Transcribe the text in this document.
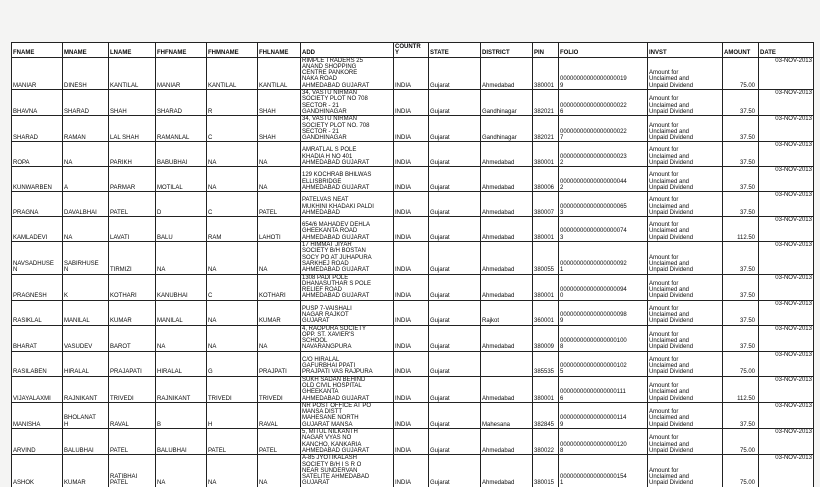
FNAME	MNAME	LNAME	FHFNAME	FHMNAME	FHLNAME	ADD	COUNTRY	STATE	DISTRICT	PIN	FOLIO	INVST	AMOUNT	DATE

MANIAR	DINESH	KANTILAL	MANIAR	KANTILAL	KANTILAL	RIMPLE TRADERS 25 ANAND SHOPPING CENTRE PANKORE NAKA ROAD AHMEDABAD GUJARAT	INDIA	Gujarat	Ahmedabad	380001	000000000000000000199	Amount for Unclaimed and Unpaid Dividend	75.00	03-NOV-2013

BHAVNA	SHARAD	SHAH	SHARAD	R	SHAH	34, VASTU NIRMAN SOCIETY PLOT NO 708 SECTOR - 21 GANDHINAGAR	INDIA	Gujarat	Gandhinagar	382021	000000000000000000226	Amount for Unclaimed and Unpaid Dividend	37.50	03-NOV-2013

SHARAD	RAMAN	LAL SHAH	RAMANLAL	C	SHAH	34, VASTU NIRMAN SOCIETY PLOT NO. 708 SECTOR - 21 GANDHINAGAR	INDIA	Gujarat	Gandhinagar	382021	000000000000000000227	Amount for Unclaimed and Unpaid Dividend	37.50	03-NOV-2013

ROPA	NA	PARIKH	BABUBHAI	NA	NA	AMRATLAL S POLE KHADIA H NO 401 AHMEDABAD GUJARAT	INDIA	Gujarat	Ahmedabad	380001	000000000000000000232	Amount for Unclaimed and Unpaid Dividend	37.50	03-NOV-2013

KUNWARBEN	A	PARMAR	MOTILAL	NA	NA	129 KOCHRAB BHILWAS ELLISBRIDGE AHMEDABAD GUJARAT	INDIA	Gujarat	Ahmedabad	380006	000000000000000000442	Amount for Unclaimed and Unpaid Dividend	37.50	03-NOV-2013

PRAGNA	DAVALBHAI	PATEL	D	C	PATEL	PATELVAS NEAT MUKHINI KHADAKI PALDI AHMEDABAD	INDIA	Gujarat	Ahmedabad	380007	000000000000000000653	Amount for Unclaimed and Unpaid Dividend	37.50	03-NOV-2013

KAMLADEVI	NA	LAVATI	BALU	RAM	LAHOTI	654/6 MAHADEV DEHLA GHEEKANTA ROAD AHMEDABAD GUJARAT	INDIA	Gujarat	Ahmedabad	380001	000000000000000000743	Amount for Unclaimed and Unpaid Dividend	112.50	03-NOV-2013

NAVSADHUSEN	SABIRHUSEN	TIRMIZI	NA	NA	NA	17 HIMMAT JIYAR SOCIETY B/H BOSTAN SOCY PO AT JUHAPURA SARKHEJ ROAD AHMEDABAD GUJARAT	INDIA	Gujarat	Ahmedabad	380055	000000000000000000921	Amount for Unclaimed and Unpaid Dividend	37.50	03-NOV-2013

PRAGNESH	K	KOTHARI	KANUBHAI	C	KOTHARI	1308 PADI POLE DHANASUTHAR S POLE RELIEF ROAD AHMEDABAD GUJARAT	INDIA	Gujarat	Ahmedabad	380001	000000000000000000940	Amount for Unclaimed and Unpaid Dividend	37.50	03-NOV-2013

RASIKLAL	MANILAL	KUMAR	MANILAL	NA	KUMAR	PUSP 7-VAISHALI NAGAR RAJKOT GUJARAT	INDIA	Gujarat	Rajkot	360001	000000000000000000989	Amount for Unclaimed and Unpaid Dividend	37.50	03-NOV-2013

BHARAT	VASUDEV	BAROT	NA	NA	NA	4, RAOPURA SOCIETY OPP. ST. XAVIER'S SCHOOL NAVARANGPURA	INDIA	Gujarat	Ahmedabad	380009	000000000000000001008	Amount for Unclaimed and Unpaid Dividend	37.50	03-NOV-2013

RASILABEN	HIRALAL	PRAJAPATI	HIRALAL	G	PRAJPATI	C/O HIRALAL GAFURBHAI PPATI PRAJPATI VAS RAJPURA	INDIA	Gujarat		385535	000000000000000001025	Amount for Unclaimed and Unpaid Dividend	75.00	03-NOV-2013

VIJAYALAXMI	RAJNIKANT	TRIVEDI	RAJNIKANT	TRIVEDI	TRIVEDI	SUKH SADAN BEHIND OLD CIVIL HOSPITAL GHEEKANTA AHMEDABAD GUJARAT	INDIA	Gujarat	Ahmedabad	380001	000000000000000001116	Amount for Unclaimed and Unpaid Dividend	112.50	03-NOV-2013

MANISHA	BHOLANATH	RAVAL	B	H	RAVAL	NR POST OFFICE AT PO MANSA DISTT MAHESANE NORTH GUJARAT MANSA	INDIA	Gujarat	Mahesana	382845	000000000000000001149	Amount for Unclaimed and Unpaid Dividend	37.50	03-NOV-2013

ARVIND	BALUBHAI	PATEL	BALUBHAI	PATEL	PATEL	5, MITUL NILKANTH NAGAR VYAS NO KANCHO, KANKARIA AHMEDABAD GUJARAT	INDIA	Gujarat	Ahmedabad	380022	000000000000000001208	Amount for Unclaimed and Unpaid Dividend	75.00	03-NOV-2013

ASHOK	KUMAR	RATIBHAI PATEL	NA	NA	NA	A-85 JYOTIKALASH SOCIETY B/H I S R O NEAR SUNDERVAN SATELITE AHMEDABAD GUJARAT	INDIA	Gujarat	Ahmedabad	380015	000000000000000001541	Amount for Unclaimed and Unpaid Dividend	75.00	03-NOV-2013
